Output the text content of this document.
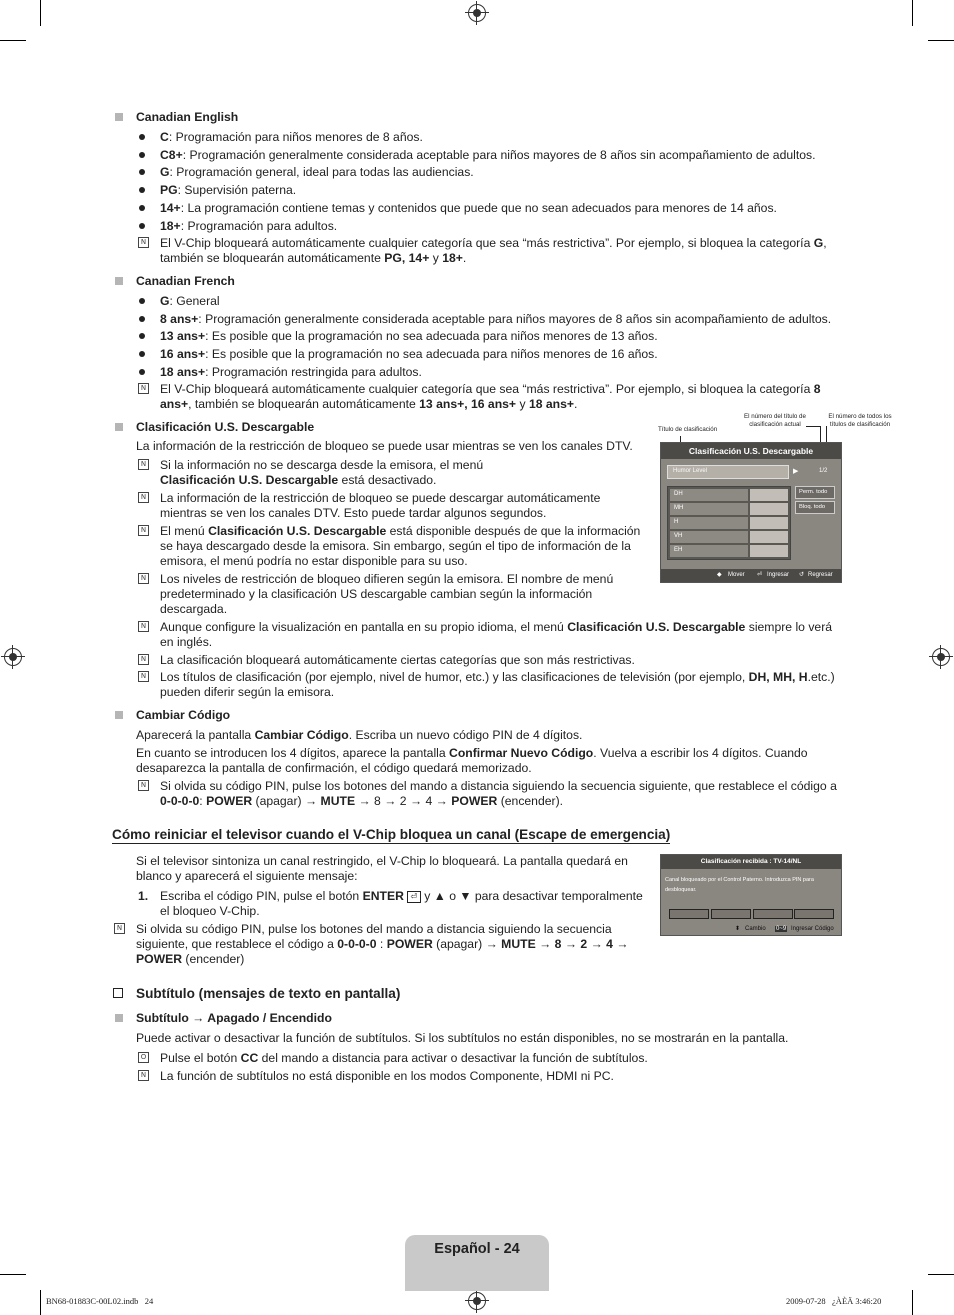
Canadian English
C: Programación para niños menores de 8 años.
C8+: Programación generalmente considerada aceptable para niños mayores de 8 años sin acompañamiento de adultos.
G: Programación general, ideal para todas las audiencias.
PG: Supervisión paterna.
14+: La programación contiene temas y contenidos que puede que no sean adecuados para menores de 14 años.
18+: Programación para adultos.
N El V-Chip bloqueará automáticamente cualquier categoría que sea “más restrictiva”. Por ejemplo, si bloquea la categoría G,
también se bloquearán automáticamente PG, 14+ y 18+.
Canadian French
G: General
8 ans+: Programación generalmente considerada aceptable para niños mayores de 8 años sin acompañamiento de adultos.
13 ans+: Es posible que la programación no sea adecuada para niños menores de 13 años.
16 ans+: Es posible que la programación no sea adecuada para niños menores de 16 años.
18 ans+: Programación restringida para adultos.
N El V-Chip bloqueará automáticamente cualquier categoría que sea “más restrictiva”. Por ejemplo, si bloquea la categoría 8
ans+, también se bloquearán automáticamente 13 ans+, 16 ans+ y 18 ans+.
Clasificación U.S. Descargable
La información de la restricción de bloqueo se puede usar mientras se ven los canales DTV.
N Si la información no se descarga desde la emisora, el menú
Clasificación U.S. Descargable está desactivado.
N La información de la restricción de bloqueo se puede descargar automáticamente
mientras se ven los canales DTV. Esto puede tardar algunos segundos.
N El menú Clasificación U.S. Descargable está disponible después de que la información
se haya descargado desde la emisora. Sin embargo, según el tipo de información de la
emisora, el menú podría no estar disponible para su uso.
N Los niveles de restricción de bloqueo difieren según la emisora. El nombre de menú
predeterminado y la clasificación US descargable cambian según la información
descargada.
N Aunque configure la visualización en pantalla en su propio idioma, el menú Clasificación U.S. Descargable siempre lo verá
en inglés.
N La clasificación bloqueará automáticamente ciertas categorías que son más restrictivas.
N Los títulos de clasificación (por ejemplo, nivel de humor, etc.) y las clasificaciones de televisión (por ejemplo, DH, MH, H.etc.)
pueden diferir según la emisora.
Título de clasificación
El número del título de clasificación actual
El número de todos los títulos de clasificación
Clasificación U.S. Descargable
Humor Level	▶	1/2
DH
MH
H
VH
EH
Perm. todo
Bloq. todo
◆ Mover ⏎ Ingresar ↺ Regresar
Cambiar Código
Aparecerá la pantalla Cambiar Código. Escriba un nuevo código PIN de 4 dígitos.
En cuanto se introducen los 4 dígitos, aparece la pantalla Confirmar Nuevo Código. Vuelva a escribir los 4 dígitos. Cuando
desaparezca la pantalla de confirmación, el código quedará memorizado.
N Si olvida su código PIN, pulse los botones del mando a distancia siguiendo la secuencia siguiente, que restablece el código a
0-0-0-0: POWER (apagar) → MUTE → 8 → 2 → 4 → POWER (encender).
Cómo reiniciar el televisor cuando el V-Chip bloquea un canal (Escape de emergencia)
Si el televisor sintoniza un canal restringido, el V-Chip lo bloqueará. La pantalla quedará en
blanco y aparecerá el siguiente mensaje:
1. Escriba el código PIN, pulse el botón ENTER ⏎ y ▲ o ▼ para desactivar temporalmente
el bloqueo V-Chip.
N Si olvida su código PIN, pulse los botones del mando a distancia siguiendo la secuencia
siguiente, que restablece el código a 0-0-0-0 : POWER (apagar) → MUTE → 8 → 2 → 4 →
POWER (encender)
Clasificación recibida : TV-14/NL
Canal bloqueado por el Control Paterno. Introduzca PIN para desbloquear.
⬍ Cambio 0~9 Ingresar Código
Subtítulo (mensajes de texto en pantalla)
Subtítulo → Apagado / Encendido
Puede activar o desactivar la función de subtítulos. Si los subtítulos no están disponibles, no se mostrarán en la pantalla.
O Pulse el botón CC del mando a distancia para activar o desactivar la función de subtítulos.
N La función de subtítulos no está disponible en los modos Componente, HDMI ni PC.
Español - 24
BN68-01883C-00L02.indb   24	2009-07-28   ¿ÀÈÄ 3:46:20
